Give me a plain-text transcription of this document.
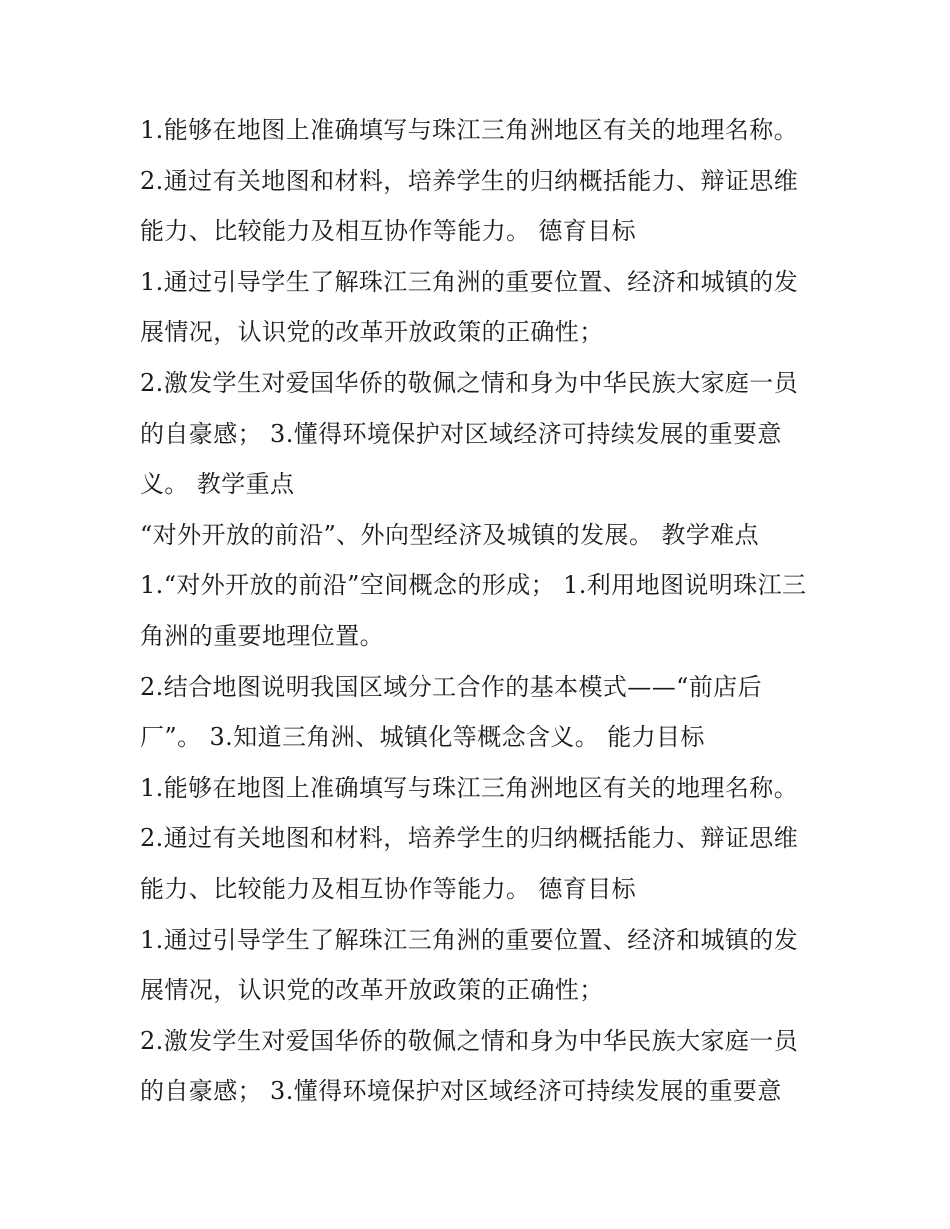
1.能够在地图上准确填写与珠江三角洲地区有关的地理名称。
2.通过有关地图和材料，培养学生的归纳概括能力、辩证思维
能力、比较能力及相互协作等能力。 德育目标
1.通过引导学生了解珠江三角洲的重要位置、经济和城镇的发
展情况，认识党的改革开放政策的正确性；
2.激发学生对爱国华侨的敬佩之情和身为中华民族大家庭一员
的自豪感； 3.懂得环境保护对区域经济可持续发展的重要意
义。 教学重点
“对外开放的前沿”、外向型经济及城镇的发展。 教学难点
1.“对外开放的前沿”空间概念的形成； 1.利用地图说明珠江三
角洲的重要地理位置。
2.结合地图说明我国区域分工合作的基本模式——“前店后
厂”。 3.知道三角洲、城镇化等概念含义。 能力目标
1.能够在地图上准确填写与珠江三角洲地区有关的地理名称。
2.通过有关地图和材料，培养学生的归纳概括能力、辩证思维
能力、比较能力及相互协作等能力。 德育目标
1.通过引导学生了解珠江三角洲的重要位置、经济和城镇的发
展情况，认识党的改革开放政策的正确性；
2.激发学生对爱国华侨的敬佩之情和身为中华民族大家庭一员
的自豪感； 3.懂得环境保护对区域经济可持续发展的重要意
